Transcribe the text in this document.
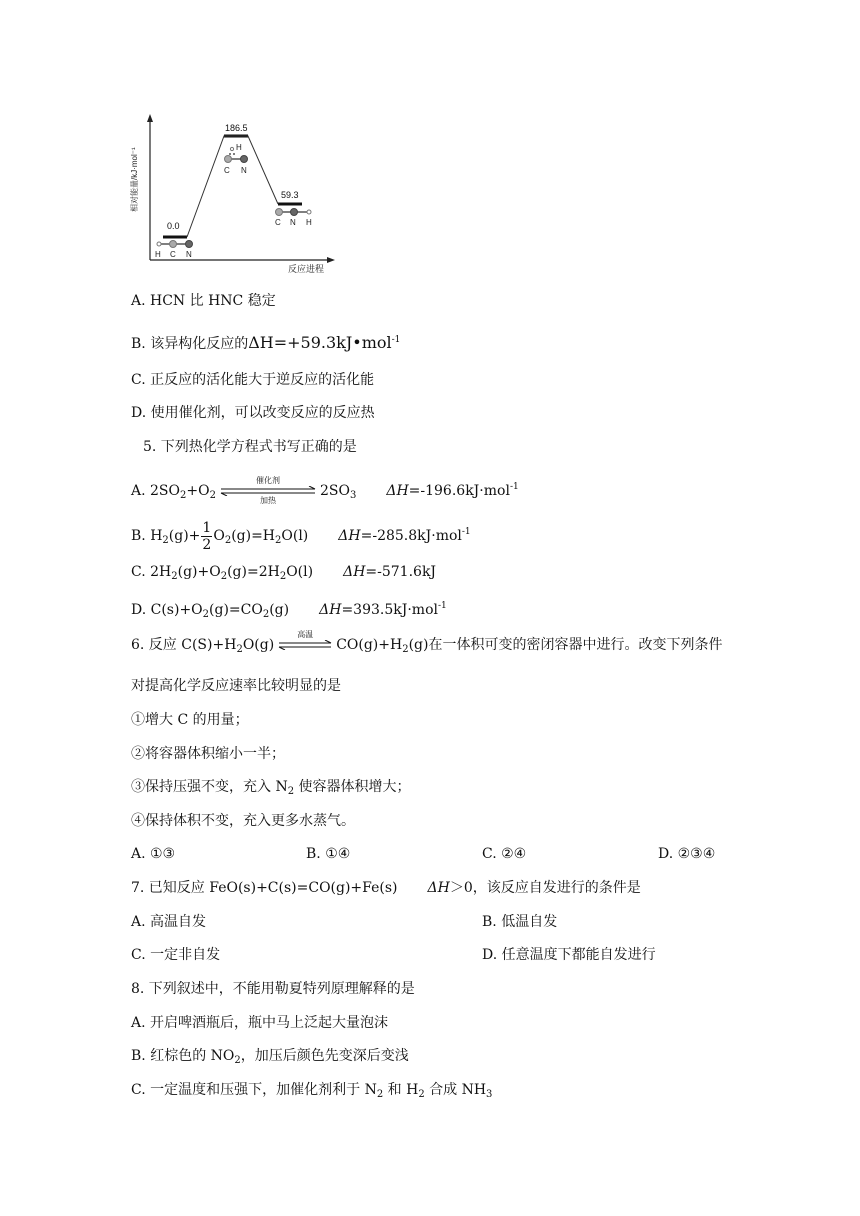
相对能量/kJ·mol⁻¹
反应进程
0.0
186.5
59.3
H C N
H
C N
C N H
A. HCN 比 HNC 稳定
B. 该异构化反应的ΔH=+59.3kJ•mol$^{-1}$
C. 正反应的活化能大于逆反应的活化能
D. 使用催化剂，可以改变反应的反应热
5. 下列热化学方程式书写正确的是
A. $2SO_2+O_2$
催化剂
加热
$2SO_3$ ΔH=-196.6kJ·mol$^{-1}$
B. $H_2(g)+ \frac{1}{2} O_2(g)=H_2O(l)$ ΔH=-285.8kJ·mol$^{-1}$
C. $2H_2(g)+O_2(g)=2H_2O(l)$ ΔH=-571.6kJ
D. $C(s)+O_2(g)=CO_2(g)$ ΔH=393.5kJ·mol$^{-1}$
6. 反应 $C(S)+H_2O(g)$
高温
$CO(g)+H_2(g)$在一体积可变的密闭容器中进行。改变下列条件
对提高化学反应速率比较明显的是
①增大 C 的用量；
②将容器体积缩小一半；
③保持压强不变，充入 $N_2$ 使容器体积增大；
④保持体积不变，充入更多水蒸气。
A. ①③	B. ①④	C. ②④	D. ②③④
7. 已知反应 FeO(s)+C(s)=CO(g)+Fe(s) ΔH＞0，该反应自发进行的条件是
A. 高温自发	B. 低温自发
C. 一定非自发	D. 任意温度下都能自发进行
8. 下列叙述中，不能用勒夏特列原理解释的是
A. 开启啤酒瓶后，瓶中马上泛起大量泡沫
B. 红棕色的 $NO_2$，加压后颜色先变深后变浅
C. 一定温度和压强下，加催化剂利于 $N_2$ 和 $H_2$ 合成 $NH_3$
